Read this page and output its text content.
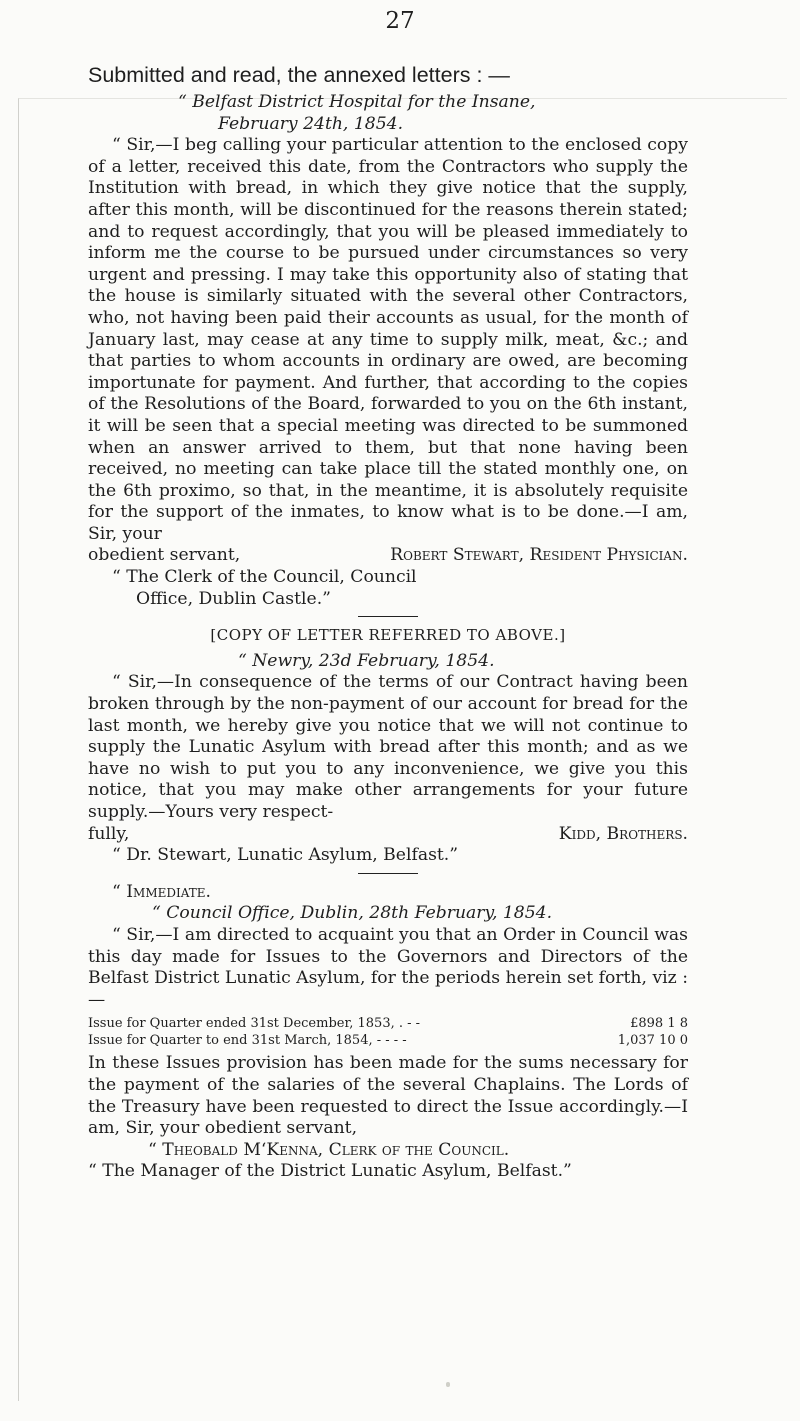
27

Submitted and read, the annexed letters : —

“ Belfast District Hospital for the Insane,

February 24th, 1854.

“ Sir,—I beg calling your particular attention to the enclosed copy of a letter, received this date, from the Contractors who supply the Institution with bread, in which they give notice that the supply, after this month, will be discontinued for the reasons therein stated; and to request accordingly, that you will be pleased immediately to inform me the course to be pursued under circumstances so very urgent and pressing. I may take this opportunity also of stating that the house is similarly situated with the several other Contractors, who, not having been paid their accounts as usual, for the month of January last, may cease at any time to supply milk, meat, &c.; and that parties to whom accounts in ordinary are owed, are becoming importunate for payment. And further, that according to the copies of the Resolutions of the Board, forwarded to you on the 6th instant, it will be seen that a special meeting was directed to be summoned when an answer arrived to them, but that none having been received, no meeting can take place till the stated monthly one, on the 6th proximo, so that, in the meantime, it is absolutely requisite for the support of the inmates, to know what is to be done.—I am, Sir, your

obedient servant,	Robert Stewart, Resident Physician.

“ The Clerk of the Council, Council

Office, Dublin Castle.”

[COPY OF LETTER REFERRED TO ABOVE.]

“ Newry, 23d February, 1854.

“ Sir,—In consequence of the terms of our Contract having been broken through by the non-payment of our account for bread for the last month, we hereby give you notice that we will not continue to supply the Lunatic Asylum with bread after this month; and as we have no wish to put you to any inconvenience, we give you this notice, that you may make other arrangements for your future supply.—Yours very respect-

fully,	Kidd, Brothers.

“ Dr. Stewart, Lunatic Asylum, Belfast.”

“ Immediate.

“ Council Office, Dublin, 28th February, 1854.

“ Sir,—I am directed to acquaint you that an Order in Council was this day made for Issues to the Governors and Directors of the Belfast District Lunatic Asylum, for the periods herein set forth, viz :—

Issue for Quarter ended 31st December, 1853, . - -	£898 1 8
Issue for Quarter to end 31st March, 1854, - - - -	1,037 10 0

In these Issues provision has been made for the sums necessary for the payment of the salaries of the several Chaplains. The Lords of the Treasury have been requested to direct the Issue accordingly.—I am, Sir, your obedient servant,

“ Theobald M‘Kenna, Clerk of the Council.

“ The Manager of the District Lunatic Asylum, Belfast.”
